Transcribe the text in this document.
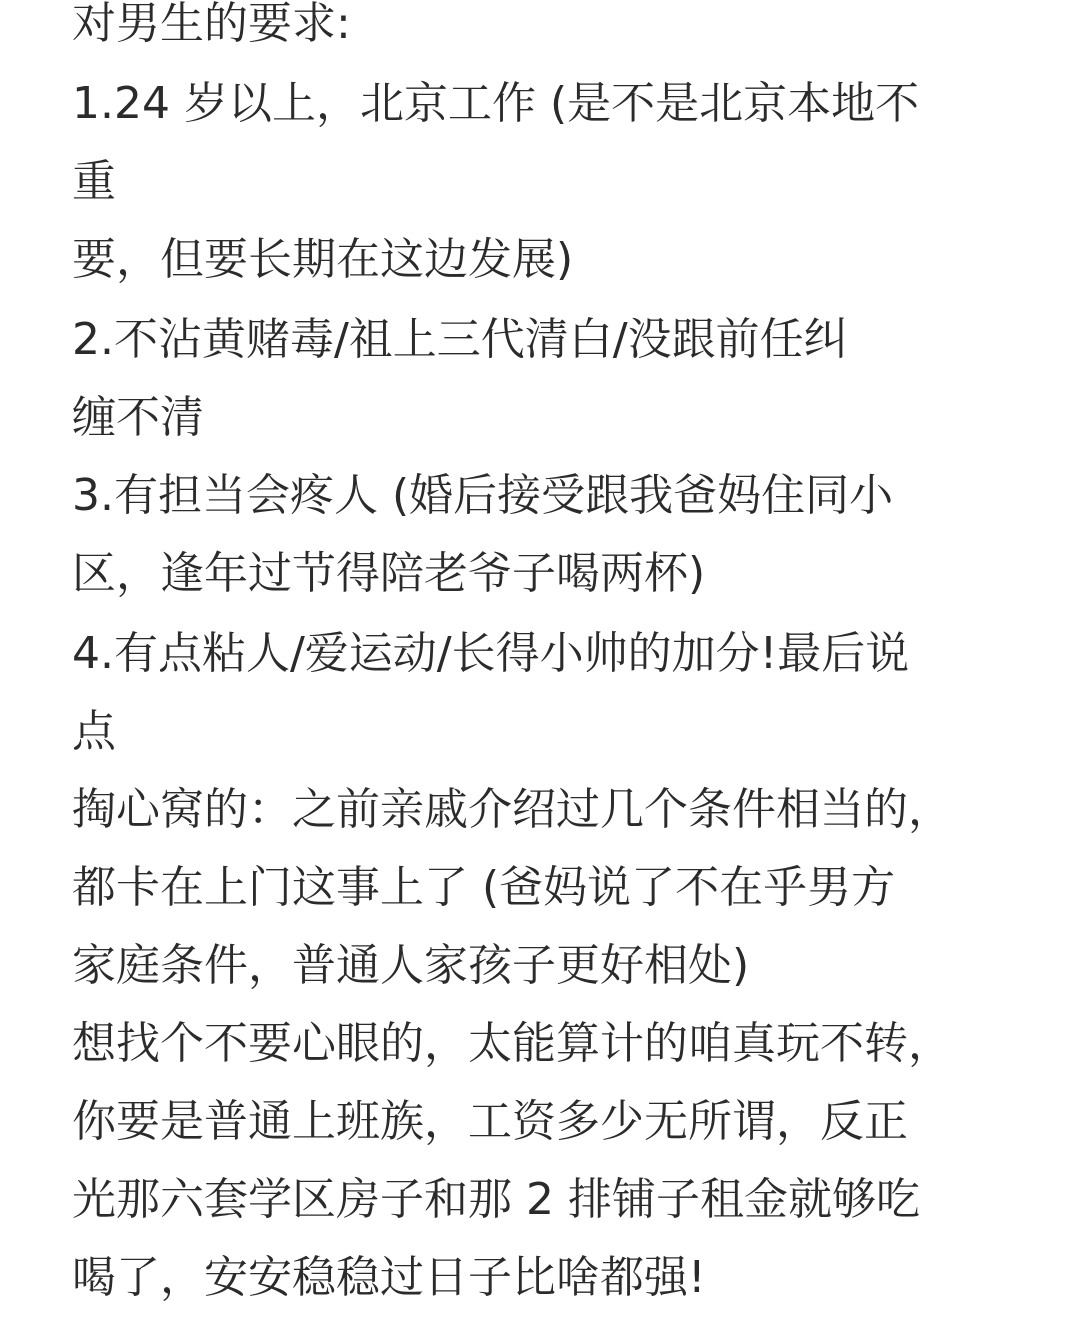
对男生的要求:
1.24 岁以上，北京工作 (是不是北京本地不
重
要，但要长期在这边发展)
2.不沾黄赌毒/祖上三代清白/没跟前任纠
缠不清
3.有担当会疼人 (婚后接受跟我爸妈住同小
区，逢年过节得陪老爷子喝两杯)
4.有点粘人/爱运动/长得小帅的加分!最后说
点
掏心窝的：之前亲戚介绍过几个条件相当的，
都卡在上门这事上了 (爸妈说了不在乎男方
家庭条件，普通人家孩子更好相处)
想找个不要心眼的，太能算计的咱真玩不转，
你要是普通上班族，工资多少无所谓，反正
光那六套学区房子和那 2 排铺子租金就够吃
喝了，安安稳稳过日子比啥都强!
